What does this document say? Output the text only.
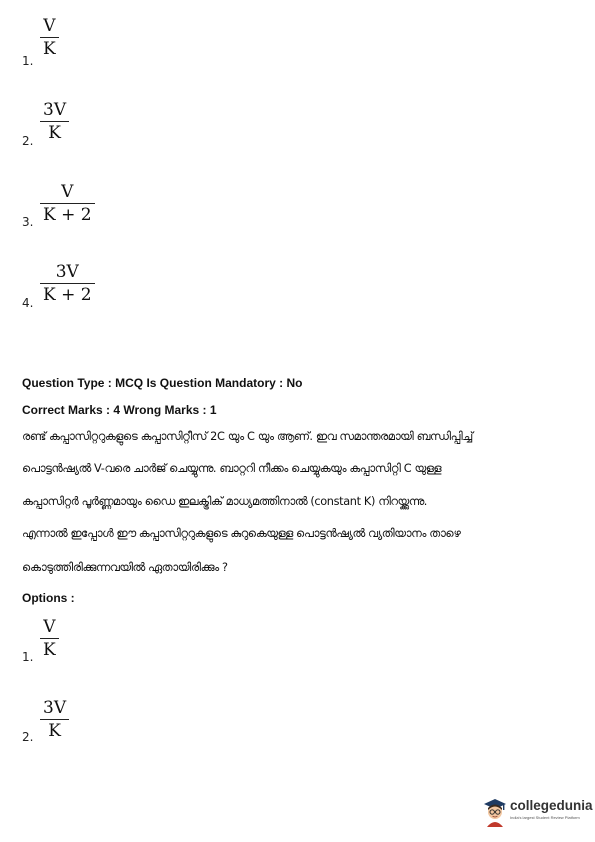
$\frac{V}{K}$
1.
$\frac{3V}{K}$
2.
$\frac{V}{K + 2}$
3.
$\frac{3V}{K + 2}$
4.
Question Type : MCQ Is Question Mandatory : No
Correct Marks : 4 Wrong Marks : 1
രണ്ട് കപ്പാസിറ്ററുകളുടെ കപ്പാസിറ്റീസ് 2C യും C യും ആണ്. ഇവ സമാന്തരമായി ബന്ധിപ്പിച്ച്
പൊട്ടൻഷ്യൽ V-വരെ ചാർജ് ചെയ്യുന്നു. ബാറ്ററി നീക്കം ചെയ്യുകയും കപ്പാസിറ്റി C യുള്ള
കപ്പാസിറ്റർ പൂർണ്ണമായും ഡൈ ഇലക്ട്രിക് മാധ്യമത്തിനാൽ (constant K) നിറയ്ക്കുന്നു.
എന്നാൽ ഇപ്പോൾ ഈ കപ്പാസിറ്ററുകളുടെ കുറുകെയുള്ള പൊട്ടൻഷ്യൽ വ്യതിയാനം താഴെ
കൊടുത്തിരിക്കുന്നവയിൽ ഏതായിരിക്കും ?
Options :
$\frac{V}{K}$
1.
$\frac{3V}{K}$
2.
collegedunia
India's largest Student Review Platform
